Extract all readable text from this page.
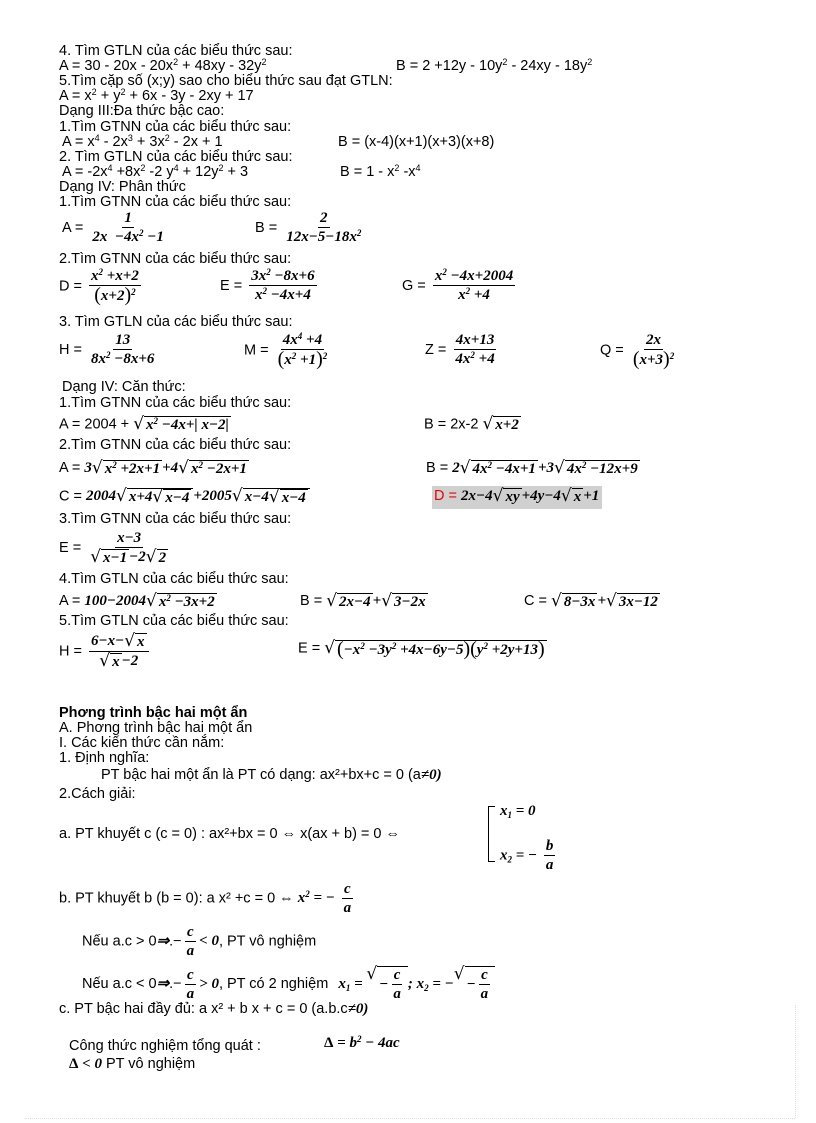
4. Tìm GTLN của các biểu thức sau:
$A = 30 - 20x - 20x^2 + 48xy - 32y^2$	$B = 2 +12y - 10y^2 - 24xy - 18y^2$
5.Tìm cặp số (x;y) sao cho biểu thức sau đạt GTLN:
$A = x^2 + y^2 + 6x - 3y - 2xy + 17$
Dạng III:Đa thức bậc cao:
1.Tìm GTNN của các biểu thức sau:
$A = x^4 - 2x^3 + 3x^2 - 2x + 1$	B = (x-4)(x+1)(x+3)(x+8)
2. Tìm GTLN của các biểu thức sau:
$A = -2x^4 +8x^2$ -2 $y^4 + 12y^2 + 3$	$B = 1 - x^2$ $-x^4$
Dạng IV: Phân thức
1.Tìm GTNN của các biểu thức sau:
$A = \frac{1}{2x -4x^2 -1}$	$B = \frac{2}{12x-5-18x^2}$
2.Tìm GTNN của các biểu thức sau:
$D = \frac{x^2 +x+2}{(x+2)^2}$	$E = \frac{3x^2 -8x+6}{x^2 -4x+4}$	$G = \frac{x^2 -4x+2004}{x^2 +4}$
3. Tìm GTLN của các biểu thức sau:
$H = \frac{13}{8x^2 -8x+6}$	$M = \frac{4x^4 +4}{(x^2 +1)^2}$	$Z = \frac{4x+13}{4x^2 +4}$	$Q = \frac{2x}{(x+3)^2}$
Dạng IV: Căn thức:
1.Tìm GTNN của các biểu thức sau:
A = 2004 + √ $x^2 -4x+|$ x−2|	B = 2x-2 √ x+2
2.Tìm GTNN của các biểu thức sau:
A = 3 √ $x^2 +2x+1 +4$ √ $x^2 -2x+1$	B = 2 √ $4x^2 -4x+1 +3$ √ $4x^2 -12x+9$
C = 2004 √ x+4 √ x−4 +2005 √ x−4 √ x−4	D = 2x−4 √ xy +4y−4 √ x +1
3.Tìm GTNN của các biểu thức sau:
$E = \frac{x-3}{√ x-1 -2 √ 2}$
4.Tìm GTLN của các biểu thức sau:
A = 100−2004 √ $x^2 -3x+2$	B = √ 2x−4 + √ 3−2x	C = √ 8−3x + √ 3x−12
5.Tìm GTLN của các biểu thức sau:
$H = \frac{6-x- √ x}{√ x -2}$	E = √ $(-x^2 -3y^2 +4x-6y-5)(y^2 +2y+13)$
Phơng trình bậc hai một ẩn
A. Phơng trình bậc hai một ẩn
I. Các kiến thức cần nắm:
1. Định nghĩa:
PT bậc hai một ẩn là PT có dạng: ax²+bx+c = 0 (a≠0)
2.Cách giải:
a. PT khuyết c (c = 0) : ax²+bx = 0 ⇔ x(ax + b) = 0 ⇔
$x_1 = 0$
$x_2$ = − $\frac{b}{a}$
b. PT khuyết b (b = 0): a x² +c = 0 ⇔ $x^2$ = − $\frac{c}{a}$
Nếu a.c > 0⇒.− $\frac{c}{a} < 0$, PT vô nghiệm
Nếu a.c < 0⇒.− $\frac{c}{a} > 0$, PT có 2 nghiệm $x_1$ = √
− $\frac{c}{a}$ ; $x_2$ = − √
− $\frac{c}{a}$
c. PT bậc hai đầy đủ: a x² + b x + c = 0 (a.b.c≠0)
Công thức nghiệm tổng quát :	$\Delta = b^2 - 4ac$
Δ < 0 PT vô nghiệm
